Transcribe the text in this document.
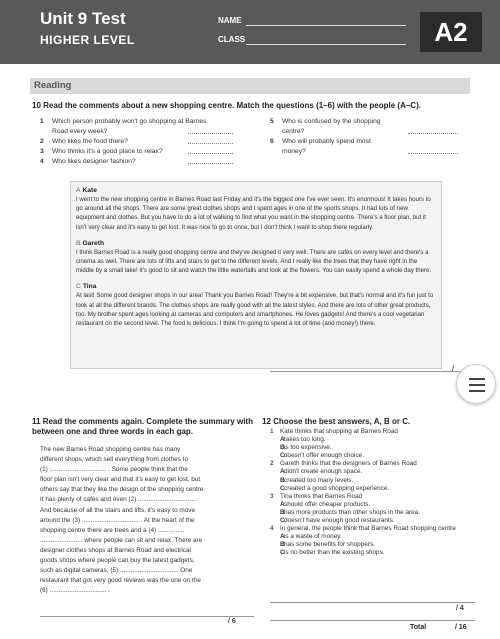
Unit 9 Test
HIGHER LEVEL
NAME
CLASS	A2
Reading
10 Read the comments about a new shopping centre. Match the questions (1–6) with the people (A–C).
1 Which person probably won't go shopping at Barnes
Road every week?
2 Who likes the food there?
3 Who thinks it's a good place to relax?
4 Who likes designer fashion?
5 Who is confused by the shopping
centre?
6 Who will probably spend most
money?
A Kate
I went to the new shopping centre in Barnes Road last Friday and it's the biggest one I've ever seen. It's enormous! It takes hours to go around all the shops. There are some great clothes shops and I spent ages in one of the sports shops. It had lots of new equipment and clothes. But you have to do a lot of walking to find what you want in the shopping centre. There's a floor plan, but it isn't very clear and it's easy to get lost. It was nice to go to once, but I don't think I want to shop there regularly.
B Gareth
I think Barnes Road is a really good shopping centre and they've designed it very well. There are cafés on every level and there's a cinema as well. There are lots of lifts and stairs to get to the different levels. And I really like the trees that they have right in the middle by a small lake! It's good to sit and watch the little waterfalls and look at the flowers. You can easily spend a whole day there.
C Tina
At last! Some good designer shops in our area! Thank you Barnes Road! They're a bit expensive, but that's normal and it's fun just to look at all the different brands. The clothes shops are really good with all the latest styles. And there are lots of other great products, too. My brother spent ages looking at cameras and computers and smartphones. He loves gadgets! And there's a cool vegetarian restaurant on the second level. The food is delicious. I think I'm going to spend a lot of time (and money!) there.
/
11 Read the comments again. Complete the summary with between one and three words in each gap.
The new Barnes Road shopping centre has many
different shops, which sell everything from clothes to
(1) ................................ . Some people think that the
floor plan isn't very clear and that it's easy to get lost, but
others say that they like the design of the shopping centre.
It has plenty of cafés and even (2) ................................ .
And because of all the stairs and lifts, it's easy to move
around the (3) ................................ . At the heart of the
shopping centre there are trees and a (4) ...............
........................ where people can sit and relax. There are
designer clothes shops at Barnes Road and electrical
goods shops where people can buy the latest gadgets,
such as digital cameras, (5) ................................. One
restaurant that got very good reviews was the one on the
(6) ................................ .
/ 6
12 Choose the best answers, A, B or C.
1 Kate thinks that shopping at Barnes Road
A takes too long.
B is too expensive.
C doesn't offer enough choice.
2 Gareth thinks that the designers of Barnes Road
A didn't create enough space.
B created too many levels.
C created a good shopping experience.
3 Tina thinks that Barnes Road
A should offer cheaper products.
B has more products than other shops in the area.
C doesn't have enough good restaurants.
4 In general, the people think that Barnes Road shopping centre
A is a waste of money.
B has some benefits for shoppers.
C is no better than the existing shops.
/ 4
Total	/ 16
